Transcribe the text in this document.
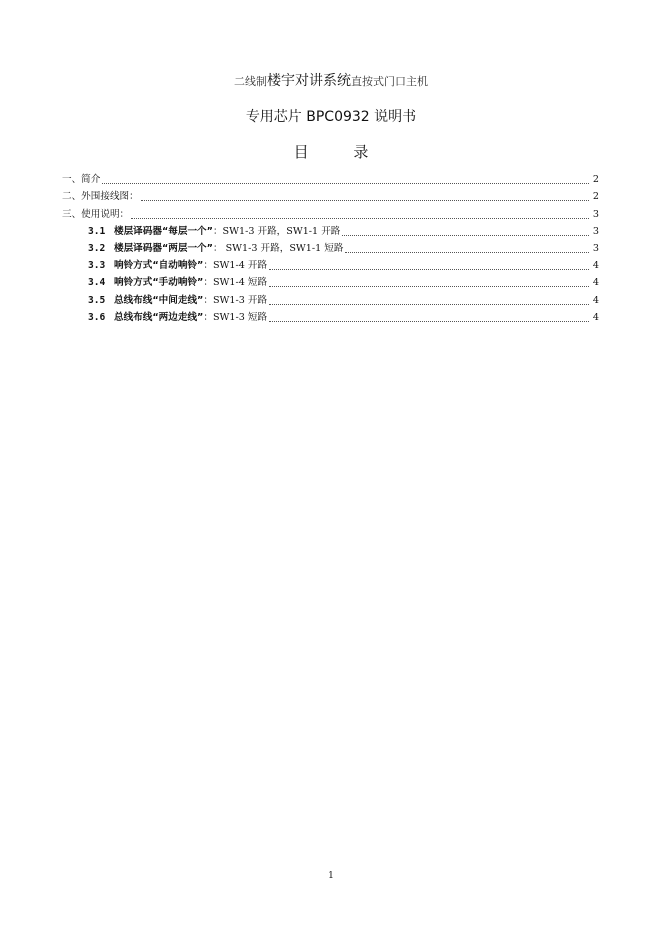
二线制楼宇对讲系统直按式门口主机
专用芯片 BPC0932 说明书
目 录
一、简介	2
二、外围接线图：	2
三、使用说明：	3
3.1 楼层译码器“每层一个” ：SW1-3 开路，SW1-1 开路	3
3.2 楼层译码器“两层一个” ： SW1-3 开路，SW1-1 短路	3
3.3 响铃方式“自动响铃” ：SW1-4 开路	4
3.4 响铃方式“手动响铃” ：SW1-4 短路	4
3.5 总线布线“中间走线” ：SW1-3 开路	4
3.6 总线布线“两边走线” ：SW1-3 短路	4
1
